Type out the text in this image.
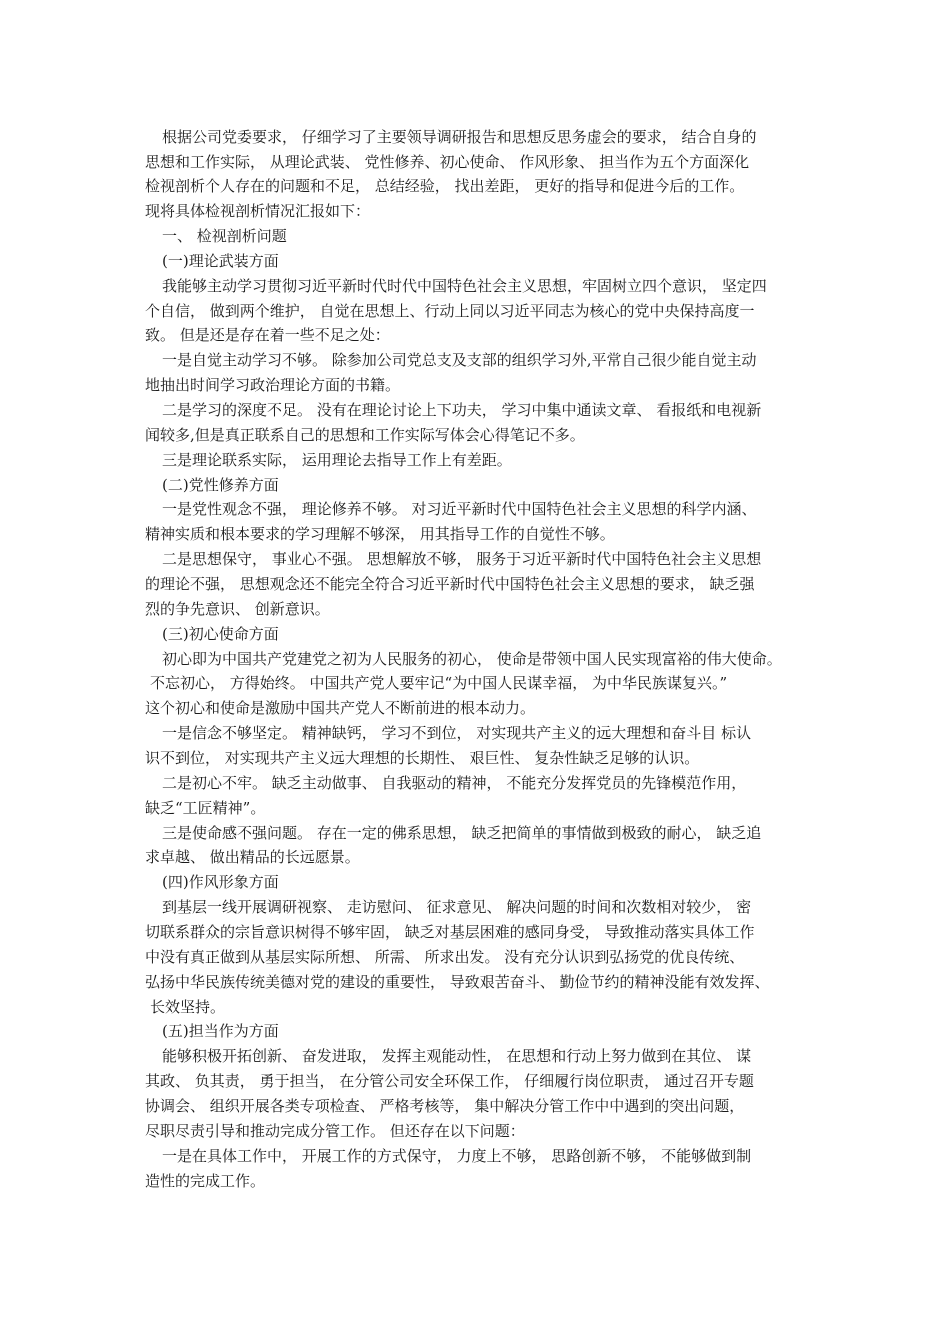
根据公司党委要求， 仔细学习了主要领导调研报告和思想反思务虚会的要求， 结合自身的
思想和工作实际， 从理论武装、 党性修养、初心使命、 作风形象、 担当作为五个方面深化
检视剖析个人存在的问题和不足， 总结经验， 找出差距， 更好的指导和促进今后的工作。
现将具体检视剖析情况汇报如下：
一、 检视剖析问题
(一)理论武装方面
我能够主动学习贯彻习近平新时代时代中国特色社会主义思想，牢固树立四个意识， 坚定四
个自信， 做到两个维护， 自觉在思想上、行动上同以习近平同志为核心的党中央保持高度一
致。 但是还是存在着一些不足之处：
一是自觉主动学习不够。 除参加公司党总支及支部的组织学习外,平常自己很少能自觉主动
地抽出时间学习政治理论方面的书籍。
二是学习的深度不足。 没有在理论讨论上下功夫， 学习中集中通读文章、 看报纸和电视新
闻较多,但是真正联系自己的思想和工作实际写体会心得笔记不多。
三是理论联系实际， 运用理论去指导工作上有差距。
(二)党性修养方面
一是党性观念不强， 理论修养不够。 对习近平新时代中国特色社会主义思想的科学内涵、
精神实质和根本要求的学习理解不够深， 用其指导工作的自觉性不够。
二是思想保守， 事业心不强。 思想解放不够， 服务于习近平新时代中国特色社会主义思想
的理论不强， 思想观念还不能完全符合习近平新时代中国特色社会主义思想的要求， 缺乏强
烈的争先意识、 创新意识。
(三)初心使命方面
初心即为中国共产党建党之初为人民服务的初心， 使命是带领中国人民实现富裕的伟大使命。
不忘初心， 方得始终。 中国共产党人要牢记“为中国人民谋幸福， 为中华民族谋复兴。”
这个初心和使命是激励中国共产党人不断前进的根本动力。
一是信念不够坚定。 精神缺钙， 学习不到位， 对实现共产主义的远大理想和奋斗目 标认
识不到位， 对实现共产主义远大理想的长期性、 艰巨性、 复杂性缺乏足够的认识。
二是初心不牢。 缺乏主动做事、 自我驱动的精神， 不能充分发挥党员的先锋模范作用，
缺乏“工匠精神”。
三是使命感不强问题。 存在一定的佛系思想， 缺乏把简单的事情做到极致的耐心， 缺乏追
求卓越、 做出精品的长远愿景。
(四)作风形象方面
到基层一线开展调研视察、 走访慰问、 征求意见、 解决问题的时间和次数相对较少， 密
切联系群众的宗旨意识树得不够牢固， 缺乏对基层困难的感同身受， 导致推动落实具体工作
中没有真正做到从基层实际所想、 所需、 所求出发。 没有充分认识到弘扬党的优良传统、
弘扬中华民族传统美德对党的建设的重要性， 导致艰苦奋斗、 勤俭节约的精神没能有效发挥、
长效坚持。
(五)担当作为方面
能够积极开拓创新、 奋发进取， 发挥主观能动性， 在思想和行动上努力做到在其位、 谋
其政、 负其责， 勇于担当， 在分管公司安全环保工作， 仔细履行岗位职责， 通过召开专题
协调会、 组织开展各类专项检查、 严格考核等， 集中解决分管工作中中遇到的突出问题，
尽职尽责引导和推动完成分管工作。 但还存在以下问题：
一是在具体工作中， 开展工作的方式保守， 力度上不够， 思路创新不够， 不能够做到制
造性的完成工作。
